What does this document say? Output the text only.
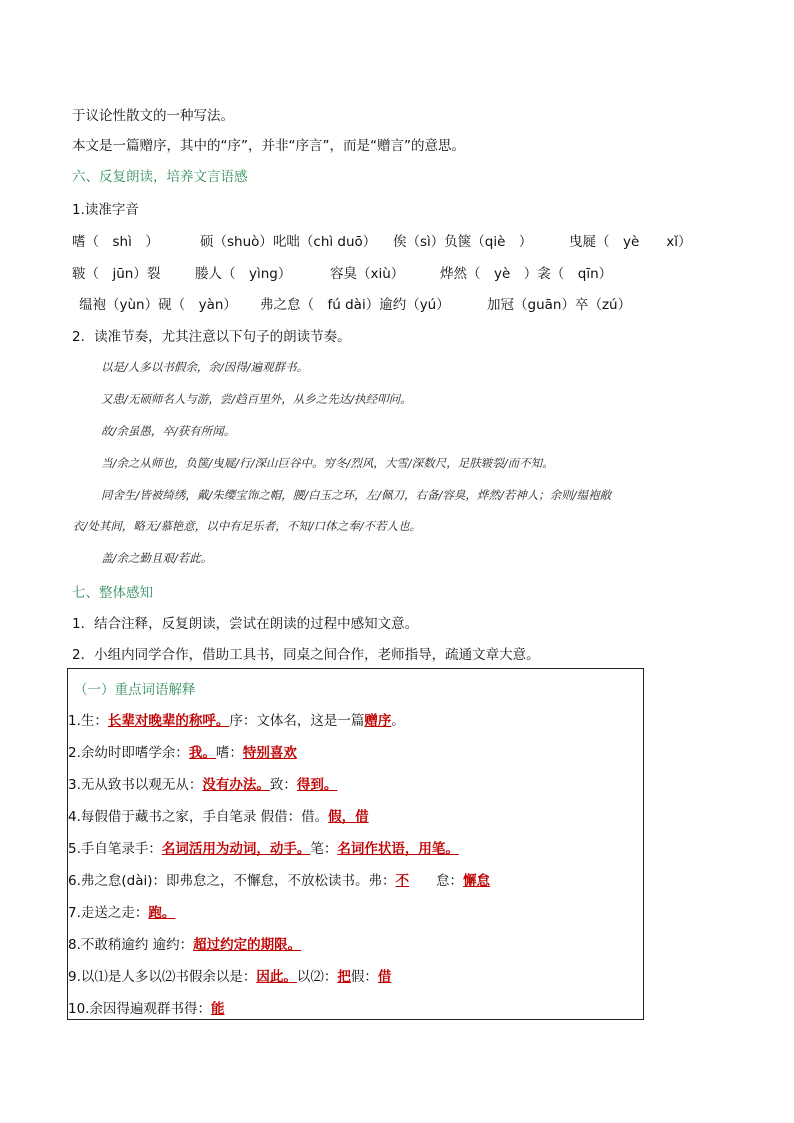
于议论性散文的一种写法。
本文是一篇赠序，其中的“序”，并非“序言”，而是“赠言”的意思。
六、反复朗读，培养文言语感
1.读准字音
嗜（　shì　）	硕（shuò）叱咄（chì duō） 俟（sì）负箧（qiè　）	曳屣（　yè　　xǐ）
皲（　jūn）裂	媵人（　yìng）	容臭（xiù）	烨然（　yè　）衾（　qīn）
缊袍（yùn）砚（　yàn） 弗之怠（　fú dài）逾约（yú）	加冠（guān）卒（zú）
2．读准节奏，尤其注意以下句子的朗读节奏。
以是/人多以书假余，余/因得/遍观群书。
又患/无硕师名人与游，尝/趋百里外，从乡之先达/执经叩问。
故/余虽愚，卒/获有所闻。
当/余之从师也，负箧/曳屣/行/深山巨谷中。穷冬/烈风，大雪/深数尺，足肤皲裂/而不知。
同舍生/皆被绮绣，戴/朱缨宝饰之帽，腰/白玉之环，左/佩刀，右备/容臭，烨然/若神人；余则/缊袍敝
衣/处其间，略无/慕艳意，以中有足乐者，不知/口体之奉/不若人也。
盖/余之勤且艰/若此。
七、整体感知
1．结合注释，反复朗读，尝试在朗读的过程中感知文意。
2．小组内同学合作，借助工具书，同桌之间合作，老师指导，疏通文章大意。
（一）重点词语解释
1.生：长辈对晚辈的称呼。序：文体名，这是一篇赠序。
2.余幼时即嗜学余：我。嗜：特别喜欢
3.无从致书以观无从：没有办法。致：得到。
4.每假借于藏书之家，手自笔录 假借：借。假，借
5.手自笔录手：名词活用为动词，动手。笔：名词作状语，用笔。
6.弗之怠(dài)：即弗怠之，不懈怠，不放松读书。弗：不　　怠：懈怠
7.走送之走：跑。
8.不敢稍逾约 逾约：超过约定的期限。
9.以⑴是人多以⑵书假余以是：因此。以⑵：把假：借
10.余因得遍观群书得：能
